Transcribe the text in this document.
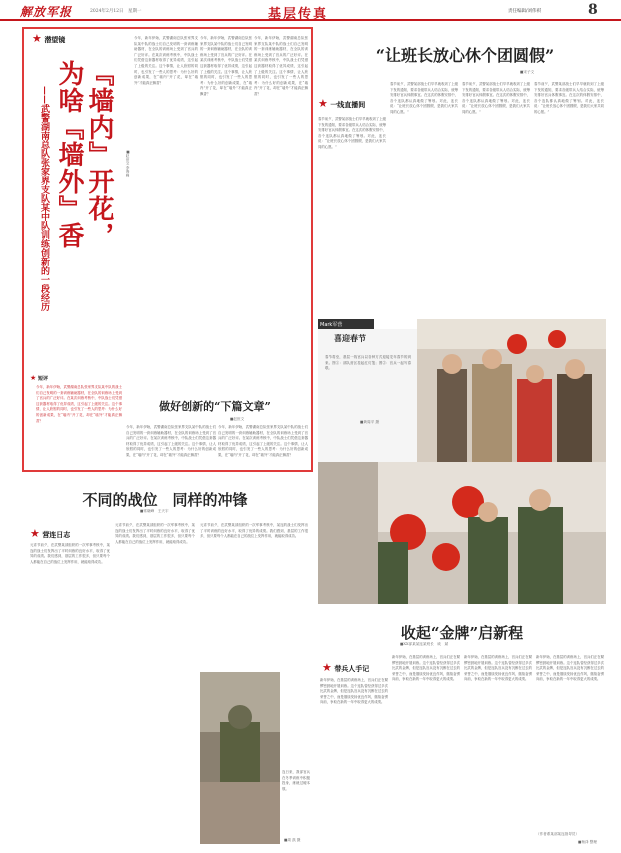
解放军报	2024年2月12日　星期一	基层传真	责任编辑/刘伟祺	8
★ 潜望镜
『墙内』开花，
为啥『墙外』香
——武警湖南总队张家界支队某中队训练创新的一段经历	■赵世文 李海峰
今年，新年伊始，武警湖南总队张家界支队某中队的战士们自己发明的一套训练辅助器材，在全队的训练场上受到了官兵的广泛好评。在某次训练考核中，中队战士们凭借这套器材取得了优异成绩，这引起了上级的关注。这个事情，让人欣慰的同时，也引发了一些人的思考：为什么好的创新成果，在“墙内”开了花，却在“墙外”才能真正飘香？
今年，新年伊始，武警湖南总队张家界支队某中队的战士们自己发明的一套训练辅助器材，在全队的训练场上受到了官兵的广泛好评。在某次训练考核中，中队战士们凭借这套器材取得了优异成绩，这引起了上级的关注。这个事情，让人欣慰的同时，也引发了一些人的思考：为什么好的创新成果，在“墙内”开了花，却在“墙外”才能真正飘香？
今年，新年伊始，武警湖南总队张家界支队某中队的战士们自己发明的一套训练辅助器材，在全队的训练场上受到了官兵的广泛好评。在某次训练考核中，中队战士们凭借这套器材取得了优异成绩，这引起了上级的关注。这个事情，让人欣慰的同时，也引发了一些人的思考：为什么好的创新成果，在“墙内”开了花，却在“墙外”才能真正飘香？
★ 短评
做好创新的“下篇文章”
■赵世文
今年，新年伊始，武警湖南总队张家界支队某中队的战士们自己发明的一套训练辅助器材，在全队的训练场上受到了官兵的广泛好评。在某次训练考核中，中队战士们凭借这套器材取得了优异成绩，这引起了上级的关注。这个事情，让人欣慰的同时，也引发了一些人的思考：为什么好的创新成果，在“墙内”开了花，却在“墙外”才能真正飘香？
今年，新年伊始，武警湖南总队张家界支队某中队的战士们自己发明的一套训练辅助器材，在全队的训练场上受到了官兵的广泛好评。在某次训练考核中，中队战士们凭借这套器材取得了优异成绩，这引起了上级的关注。这个事情，让人欣慰的同时，也引发了一些人的思考：为什么好的创新成果，在“墙内”开了花，却在“墙外”才能真正飘香？
今年，新年伊始，武警湖南总队张家界支队某中队的战士们自己发明的一套训练辅助器材，在全队的训练场上受到了官兵的广泛好评。在某次训练考核中，中队战士们凭借这套器材取得了优异成绩，这引起了上级的关注。这个事情，让人欣慰的同时，也引发了一些人的思考：为什么好的创新成果，在“墙内”开了花，却在“墙外”才能真正飘香？
“让班长放心休个团圆假”
■宋子文
★ 一线直播间
春节前夕，武警某部战士们早早就收到了上级下发的通知，要求各级带兵人结合实际，统筹安排好官兵休假事宜。在这次的休假安排中，各个连队都认真地做了筹划。对此，连长说：“让班长放心休个团圆假，是我们大家共同的心愿。”
春节前夕，武警某部战士们早早就收到了上级下发的通知，要求各级带兵人结合实际，统筹安排好官兵休假事宜。在这次的休假安排中，各个连队都认真地做了筹划。对此，连长说：“让班长放心休个团圆假，是我们大家共同的心愿。”
春节前夕，武警某部战士们早早就收到了上级下发的通知，要求各级带兵人结合实际，统筹安排好官兵休假事宜。在这次的休假安排中，各个连队都认真地做了筹划。对此，连长说：“让班长放心休个团圆假，是我们大家共同的心愿。”
春节前夕，武警某部战士们早早就收到了上级下发的通知，要求各级带兵人结合实际，统筹安排好官兵休假事宜。在这次的休假安排中，各个连队都认真地做了筹划。对此，连长说：“让班长放心休个团圆假，是我们大家共同的心愿。”
Mark军营
喜迎春节
春节将至，基层一线官兵以各种方式迎接龙年春节的到来。图①：部队营区挂起红灯笼；图②：官兵一起写春联。
■黄周平 摄
不同的战位　同样的冲锋
■常晓峰　王天宇
★ 营连日志
元宵节前夕，在武警某部组织的一次军事考核中，某连的战士们发挥出了平时训练的良好水平，取得了优异的成绩。我们感到，基层的工作很多，但只要每个人都能在自己的战位上发挥作用，就能取得成功。
元宵节前夕，在武警某部组织的一次军事考核中，某连的战士们发挥出了平时训练的良好水平，取得了优异的成绩。我们感到，基层的工作很多，但只要每个人都能在自己的战位上发挥作用，就能取得成功。
元宵节前夕，在武警某部组织的一次军事考核中，某连的战士们发挥出了平时训练的良好水平，取得了优异的成绩。我们感到，基层的工作很多，但只要每个人都能在自己的战位上发挥作用，就能取得成功。
连日来，我部官兵在冬季训练中积极投身，练就过硬本领。
■周 凯 摄
收起“金牌”启新程
■XX部某某连某班长　戚　斌
★ 带兵人手记
新年伊始，在基层的训练场上，官兵们正在紧锣密鼓地开展训练。这个连队曾经获得过多次比武的金牌，但是连队官兵没有沉醉在过去的荣誉之中，而是继续发扬优良作风，继续奋勇向前，争取在新的一年中取得更大的成绩。
新年伊始，在基层的训练场上，官兵们正在紧锣密鼓地开展训练。这个连队曾经获得过多次比武的金牌，但是连队官兵没有沉醉在过去的荣誉之中，而是继续发扬优良作风，继续奋勇向前，争取在新的一年中取得更大的成绩。
新年伊始，在基层的训练场上，官兵们正在紧锣密鼓地开展训练。这个连队曾经获得过多次比武的金牌，但是连队官兵没有沉醉在过去的荣誉之中，而是继续发扬优良作风，继续奋勇向前，争取在新的一年中取得更大的成绩。
新年伊始，在基层的训练场上，官兵们正在紧锣密鼓地开展训练。这个连队曾经获得过多次比武的金牌，但是连队官兵没有沉醉在过去的荣誉之中，而是继续发扬优良作风，继续奋勇向前，争取在新的一年中取得更大的成绩。
（作者系某部某连指导员）
■杨泽 整理
